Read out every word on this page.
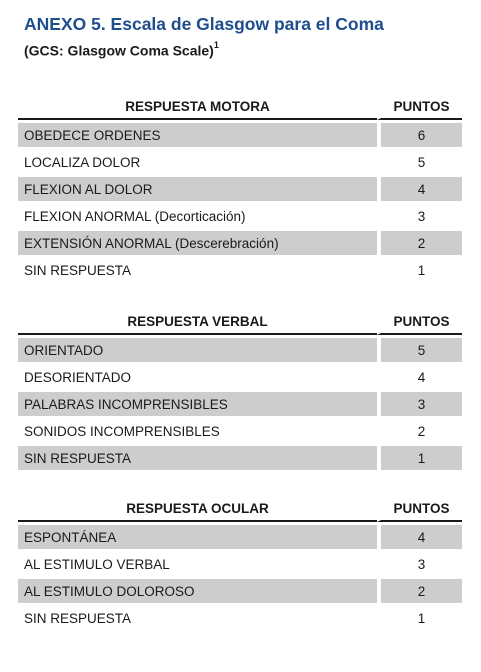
ANEXO 5. Escala de Glasgow para el Coma
(GCS: Glasgow Coma Scale)$^1$
RESPUESTA MOTORA	PUNTOS
OBEDECE ORDENES	6
LOCALIZA DOLOR	5
FLEXION AL DOLOR	4
FLEXION ANORMAL (Decorticación)	3
EXTENSIÓN ANORMAL (Descerebración)	2
SIN RESPUESTA	1
RESPUESTA VERBAL	PUNTOS
ORIENTADO	5
DESORIENTADO	4
PALABRAS INCOMPRENSIBLES	3
SONIDOS INCOMPRENSIBLES	2
SIN RESPUESTA	1
RESPUESTA OCULAR	PUNTOS
ESPONTÁNEA	4
AL ESTIMULO VERBAL	3
AL ESTIMULO DOLOROSO	2
SIN RESPUESTA	1
